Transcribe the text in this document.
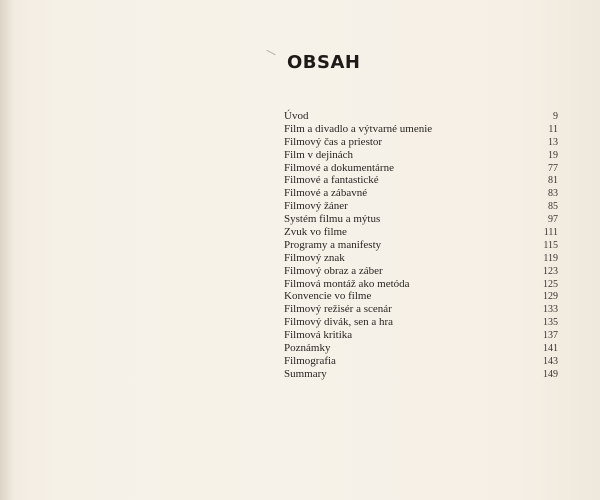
OBSAH
Úvod	9
Film a divadlo a výtvarné umenie	11
Filmový čas a priestor	13
Film v dejinách	19
Filmové a dokumentárne	77
Filmové a fantastické	81
Filmové a zábavné	83
Filmový žáner	85
Systém filmu a mýtus	97
Zvuk vo filme	111
Programy a manifesty	115
Filmový znak	119
Filmový obraz a záber	123
Filmová montáž ako metóda	125
Konvencie vo filme	129
Filmový režisér a scenár	133
Filmový divák, sen a hra	135
Filmová kritika	137
Poznámky	141
Filmografia	143
Summary	149
